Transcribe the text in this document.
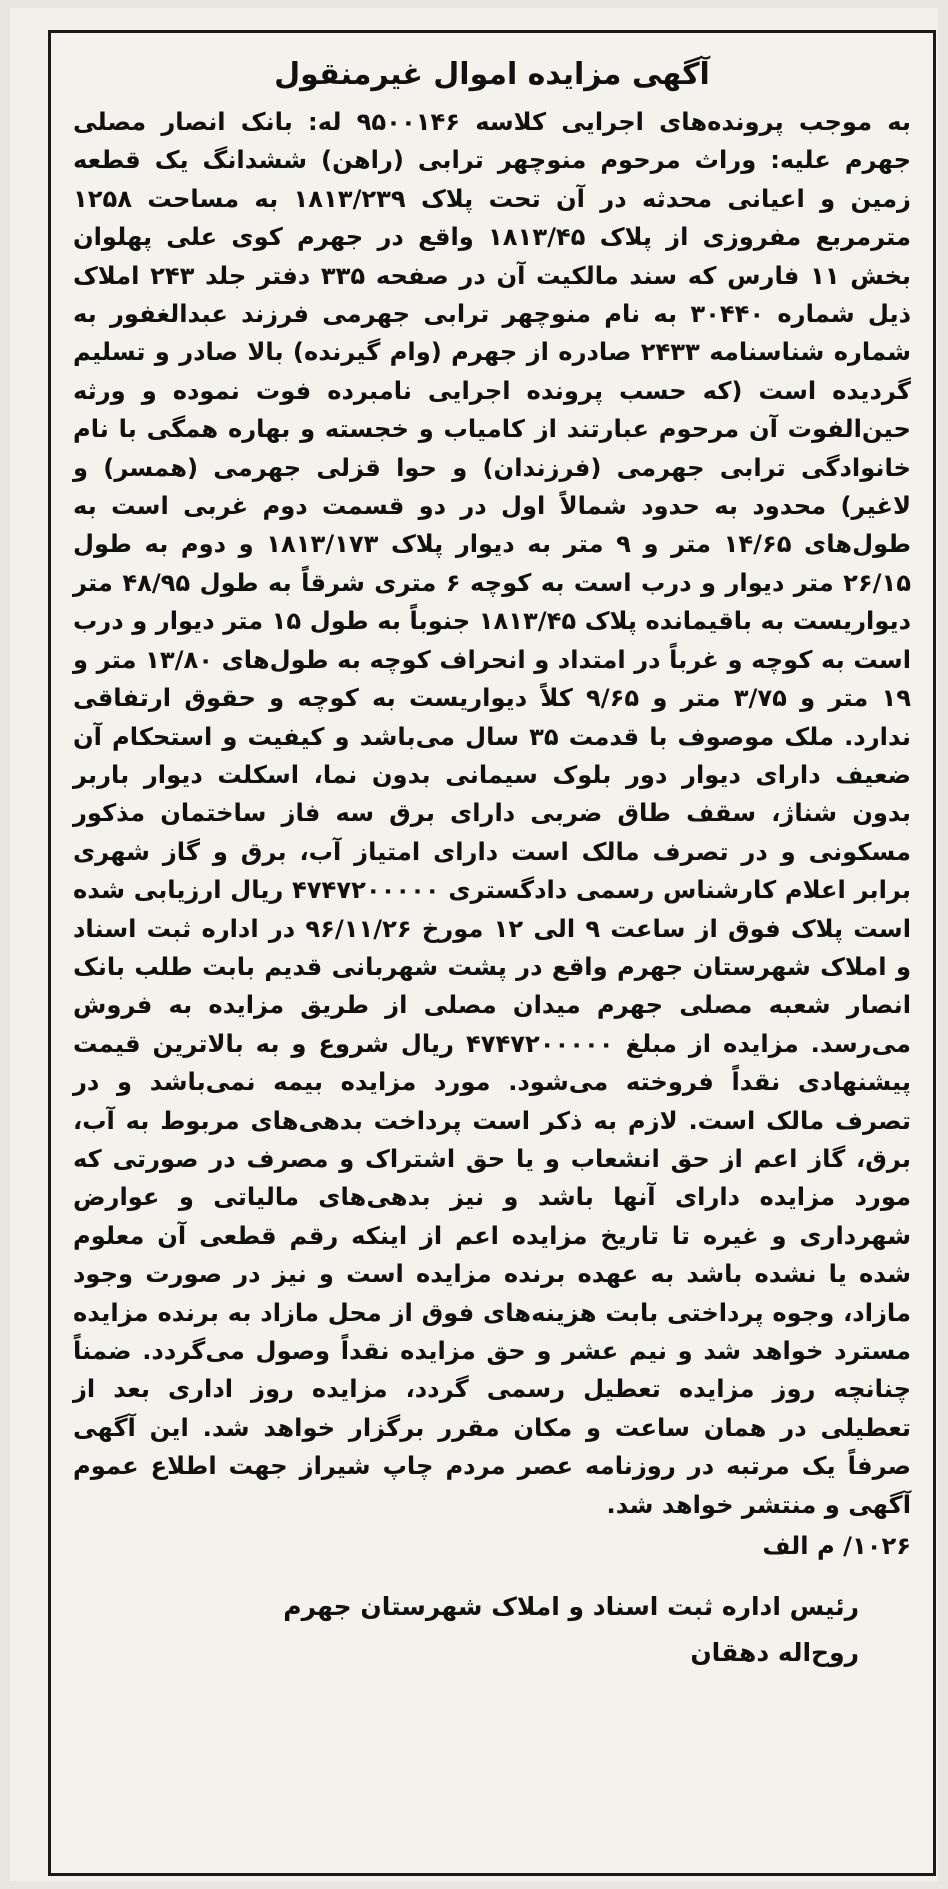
آگهی مزایده اموال غیرمنقول

به موجب پرونده‌های اجرایی کلاسه ۹۵۰۰۱۴۶ له: بانک انصار مصلی جهرم علیه: وراث مرحوم منوچهر ترابی (راهن) ششدانگ یک قطعه زمین و اعیانی محدثه در آن تحت پلاک ۱۸۱۳/۲۳۹ به مساحت ۱۲۵۸ مترمربع مفروزی از پلاک ۱۸۱۳/۴۵ واقع در جهرم کوی علی پهلوان بخش ۱۱ فارس که سند مالکیت آن در صفحه ۳۳۵ دفتر جلد ۲۴۳ املاک ذیل شماره ۳۰۴۴۰ به نام منوچهر ترابی جهرمی فرزند عبدالغفور به شماره شناسنامه ۲۴۳۳ صادره از جهرم (وام گیرنده) بالا صادر و تسلیم گردیده است (که حسب پرونده اجرایی نامبرده فوت نموده و ورثه حین‌الفوت آن مرحوم عبارتند از کامیاب و خجسته و بهاره همگی با نام خانوادگی ترابی جهرمی (فرزندان) و حوا قزلی جهرمی (همسر) و لاغیر) محدود به حدود شمالاً اول در دو قسمت دوم غربی است به طول‌های ۱۴/۶۵ متر و ۹ متر به دیوار پلاک ۱۸۱۳/۱۷۳ و دوم به طول ۲۶/۱۵ متر دیوار و درب است به کوچه ۶ متری شرقاً به طول ۴۸/۹۵ متر دیواریست به باقیمانده پلاک ۱۸۱۳/۴۵ جنوباً به طول ۱۵ متر دیوار و درب است به کوچه و غرباً در امتداد و انحراف کوچه به طول‌های ۱۳/۸۰ متر و ۱۹ متر و ۳/۷۵ متر و ۹/۶۵ کلاً دیواریست به کوچه و حقوق ارتفاقی ندارد. ملک موصوف با قدمت ۳۵ سال می‌باشد و کیفیت و استحکام آن ضعیف دارای دیوار دور بلوک سیمانی بدون نما، اسکلت دیوار باربر بدون شناژ، سقف طاق ضربی دارای برق سه فاز ساختمان مذکور مسکونی و در تصرف مالک است دارای امتیاز آب، برق و گاز شهری برابر اعلام کارشناس رسمی دادگستری ۴۷۴۷۲۰۰۰۰۰ ریال ارزیابی شده است پلاک فوق از ساعت ۹ الی ۱۲ مورخ ۹۶/۱۱/۲۶ در اداره ثبت اسناد و املاک شهرستان جهرم واقع در پشت شهربانی قدیم بابت طلب بانک انصار شعبه مصلی جهرم میدان مصلی از طریق مزایده به فروش می‌رسد. مزایده از مبلغ ۴۷۴۷۲۰۰۰۰۰ ریال شروع و به بالاترین قیمت پیشنهادی نقداً فروخته می‌شود. مورد مزایده بیمه نمی‌باشد و در تصرف مالک است. لازم به ذکر است پرداخت بدهی‌های مربوط به آب، برق، گاز اعم از حق انشعاب و یا حق اشتراک و مصرف در صورتی که مورد مزایده دارای آنها باشد و نیز بدهی‌های مالیاتی و عوارض شهرداری و غیره تا تاریخ مزایده اعم از اینکه رقم قطعی آن معلوم شده یا نشده باشد به عهده برنده مزایده است و نیز در صورت وجود مازاد، وجوه پرداختی بابت هزینه‌های فوق از محل مازاد به برنده مزایده مسترد خواهد شد و نیم عشر و حق مزایده نقداً وصول می‌گردد. ضمناً چنانچه روز مزایده تعطیل رسمی گردد، مزایده روز اداری بعد از تعطیلی در همان ساعت و مکان مقرر برگزار خواهد شد. این آگهی صرفاً یک مرتبه در روزنامه عصر مردم چاپ شیراز جهت اطلاع عموم آگهی و منتشر خواهد شد.

۱۰۲۶/ م الف
رئیس اداره ثبت اسناد و املاک شهرستان جهرم
روح‌اله دهقان
